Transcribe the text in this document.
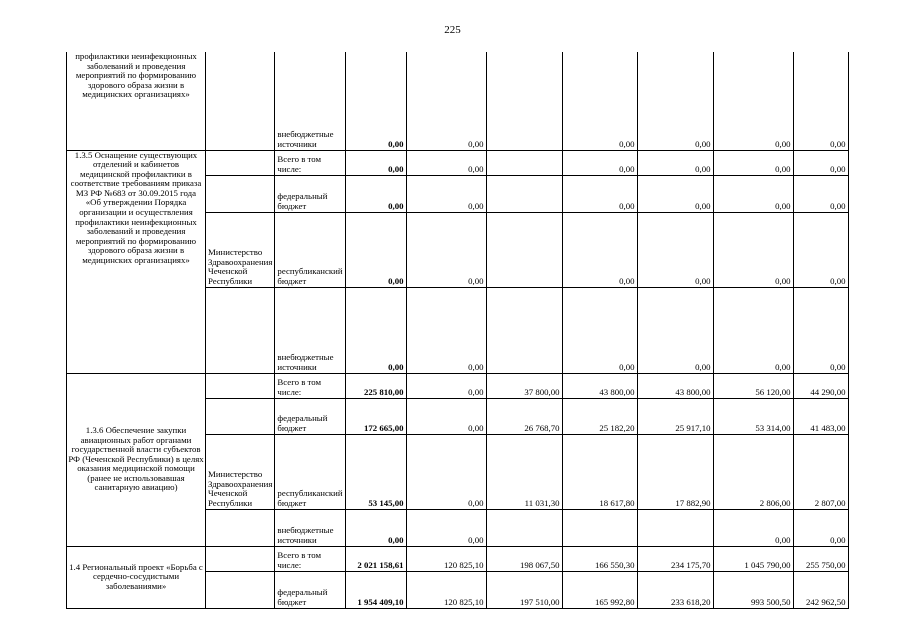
225
профилактики неинфекционных заболеваний и проведения мероприятий по формированию здорового образа жизни в медицинских организациях»		внебюджетные источники	0,00	0,00		0,00	0,00	0,00	0,00
1.3.5 Оснащение существующих отделений и кабинетов медицинской профилактики в соответствие требованиям приказа МЗ РФ №683 от 30.09.2015 года «Об утверждении Порядка организации и осуществления профилактики неинфекционных заболеваний и проведения мероприятий по формированию здорового образа жизни в медицинских организациях»		Всего в том числе:	0,00	0,00		0,00	0,00	0,00	0,00
		федеральный бюджет	0,00	0,00		0,00	0,00	0,00	0,00
	Министерство Здравоохранения Чеченской Республики	республиканский бюджет	0,00	0,00		0,00	0,00	0,00	0,00
		внебюджетные источники	0,00	0,00		0,00	0,00	0,00	0,00
1.3.6 Обеспечение закупки авиационных работ органами государственной власти субъектов РФ (Чеченской Республики) в целях оказания медицинской помощи (ранее не использовавшая санитарную авиацию)		Всего в том числе:	225 810,00	0,00	37 800,00	43 800,00	43 800,00	56 120,00	44 290,00
		федеральный бюджет	172 665,00	0,00	26 768,70	25 182,20	25 917,10	53 314,00	41 483,00
	Министерство Здравоохранения Чеченской Республики	республиканский бюджет	53 145,00	0,00	11 031,30	18 617,80	17 882,90	2 806,00	2 807,00
		внебюджетные источники	0,00	0,00				0,00	0,00
1.4 Региональный проект «Борьба с сердечно-сосудистыми заболеваниями»		Всего в том числе:	2 021 158,61	120 825,10	198 067,50	166 550,30	234 175,70	1 045 790,00	255 750,00
		федеральный бюджет	1 954 409,10	120 825,10	197 510,00	165 992,80	233 618,20	993 500,50	242 962,50
